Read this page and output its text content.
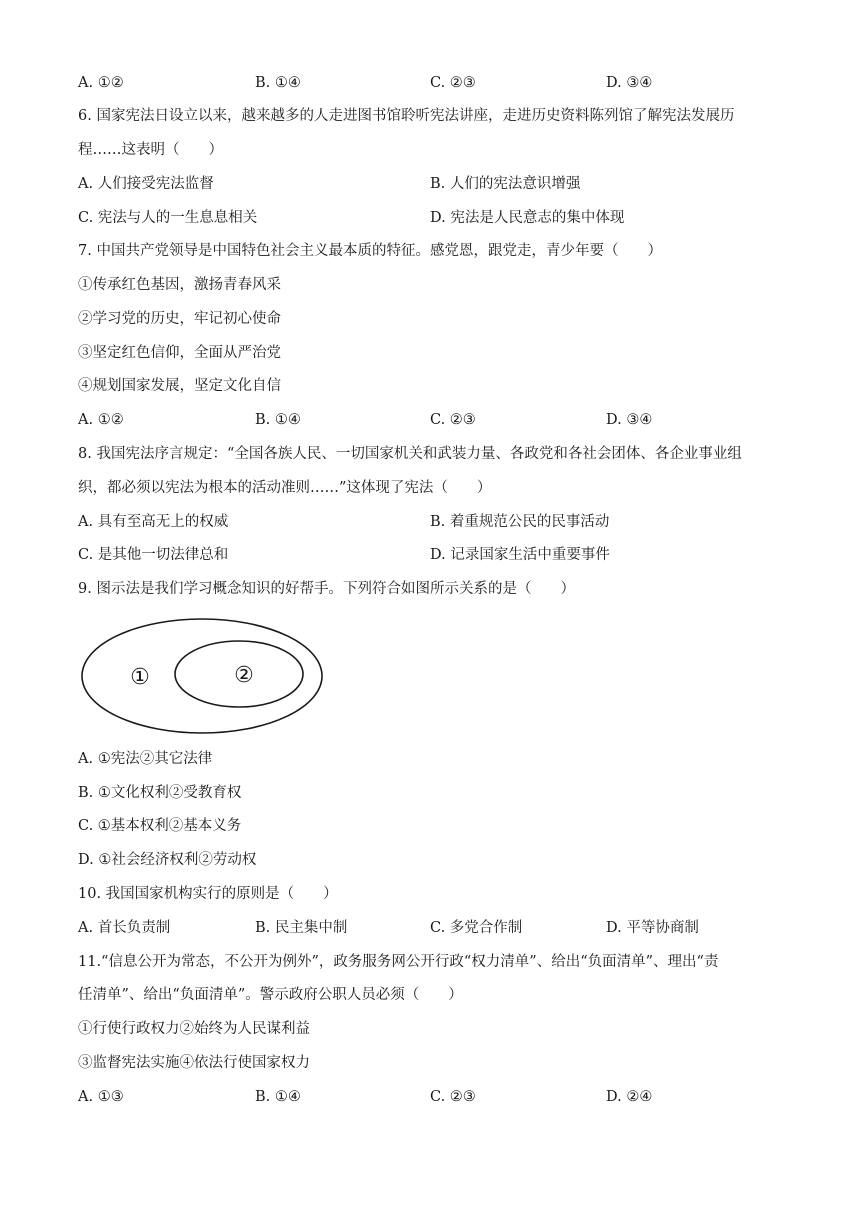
A. ①②	B. ①④	C. ②③	D. ③④
6. 国家宪法日设立以来，越来越多的人走进图书馆聆听宪法讲座，走进历史资料陈列馆了解宪法发展历
程……这表明（　　）
A. 人们接受宪法监督	B. 人们的宪法意识增强
C. 宪法与人的一生息息相关	D. 宪法是人民意志的集中体现
7. 中国共产党领导是中国特色社会主义最本质的特征。感党恩，跟党走，青少年要（　　）
①传承红色基因，激扬青春风采
②学习党的历史，牢记初心使命
③坚定红色信仰，全面从严治党
④规划国家发展，坚定文化自信
A. ①②	B. ①④	C. ②③	D. ③④
8. 我国宪法序言规定：“全国各族人民、一切国家机关和武装力量、各政党和各社会团体、各企业事业组
织，都必须以宪法为根本的活动准则……”这体现了宪法（　　）
A. 具有至高无上的权威	B. 着重规范公民的民事活动
C. 是其他一切法律总和	D. 记录国家生活中重要事件
9. 图示法是我们学习概念知识的好帮手。下列符合如图所示关系的是（　　）
①	②
A. ①宪法②其它法律
B. ①文化权利②受教育权
C. ①基本权利②基本义务
D. ①社会经济权利②劳动权
10. 我国国家机构实行的原则是（　　）
A. 首长负责制	B. 民主集中制	C. 多党合作制	D. 平等协商制
11.“信息公开为常态，不公开为例外”，政务服务网公开行政“权力清单”、给出“负面清单”、理出“责
任清单”、给出“负面清单”。警示政府公职人员必须（　　）
①行使行政权力②始终为人民谋利益
③监督宪法实施④依法行使国家权力
A. ①③	B. ①④	C. ②③	D. ②④
